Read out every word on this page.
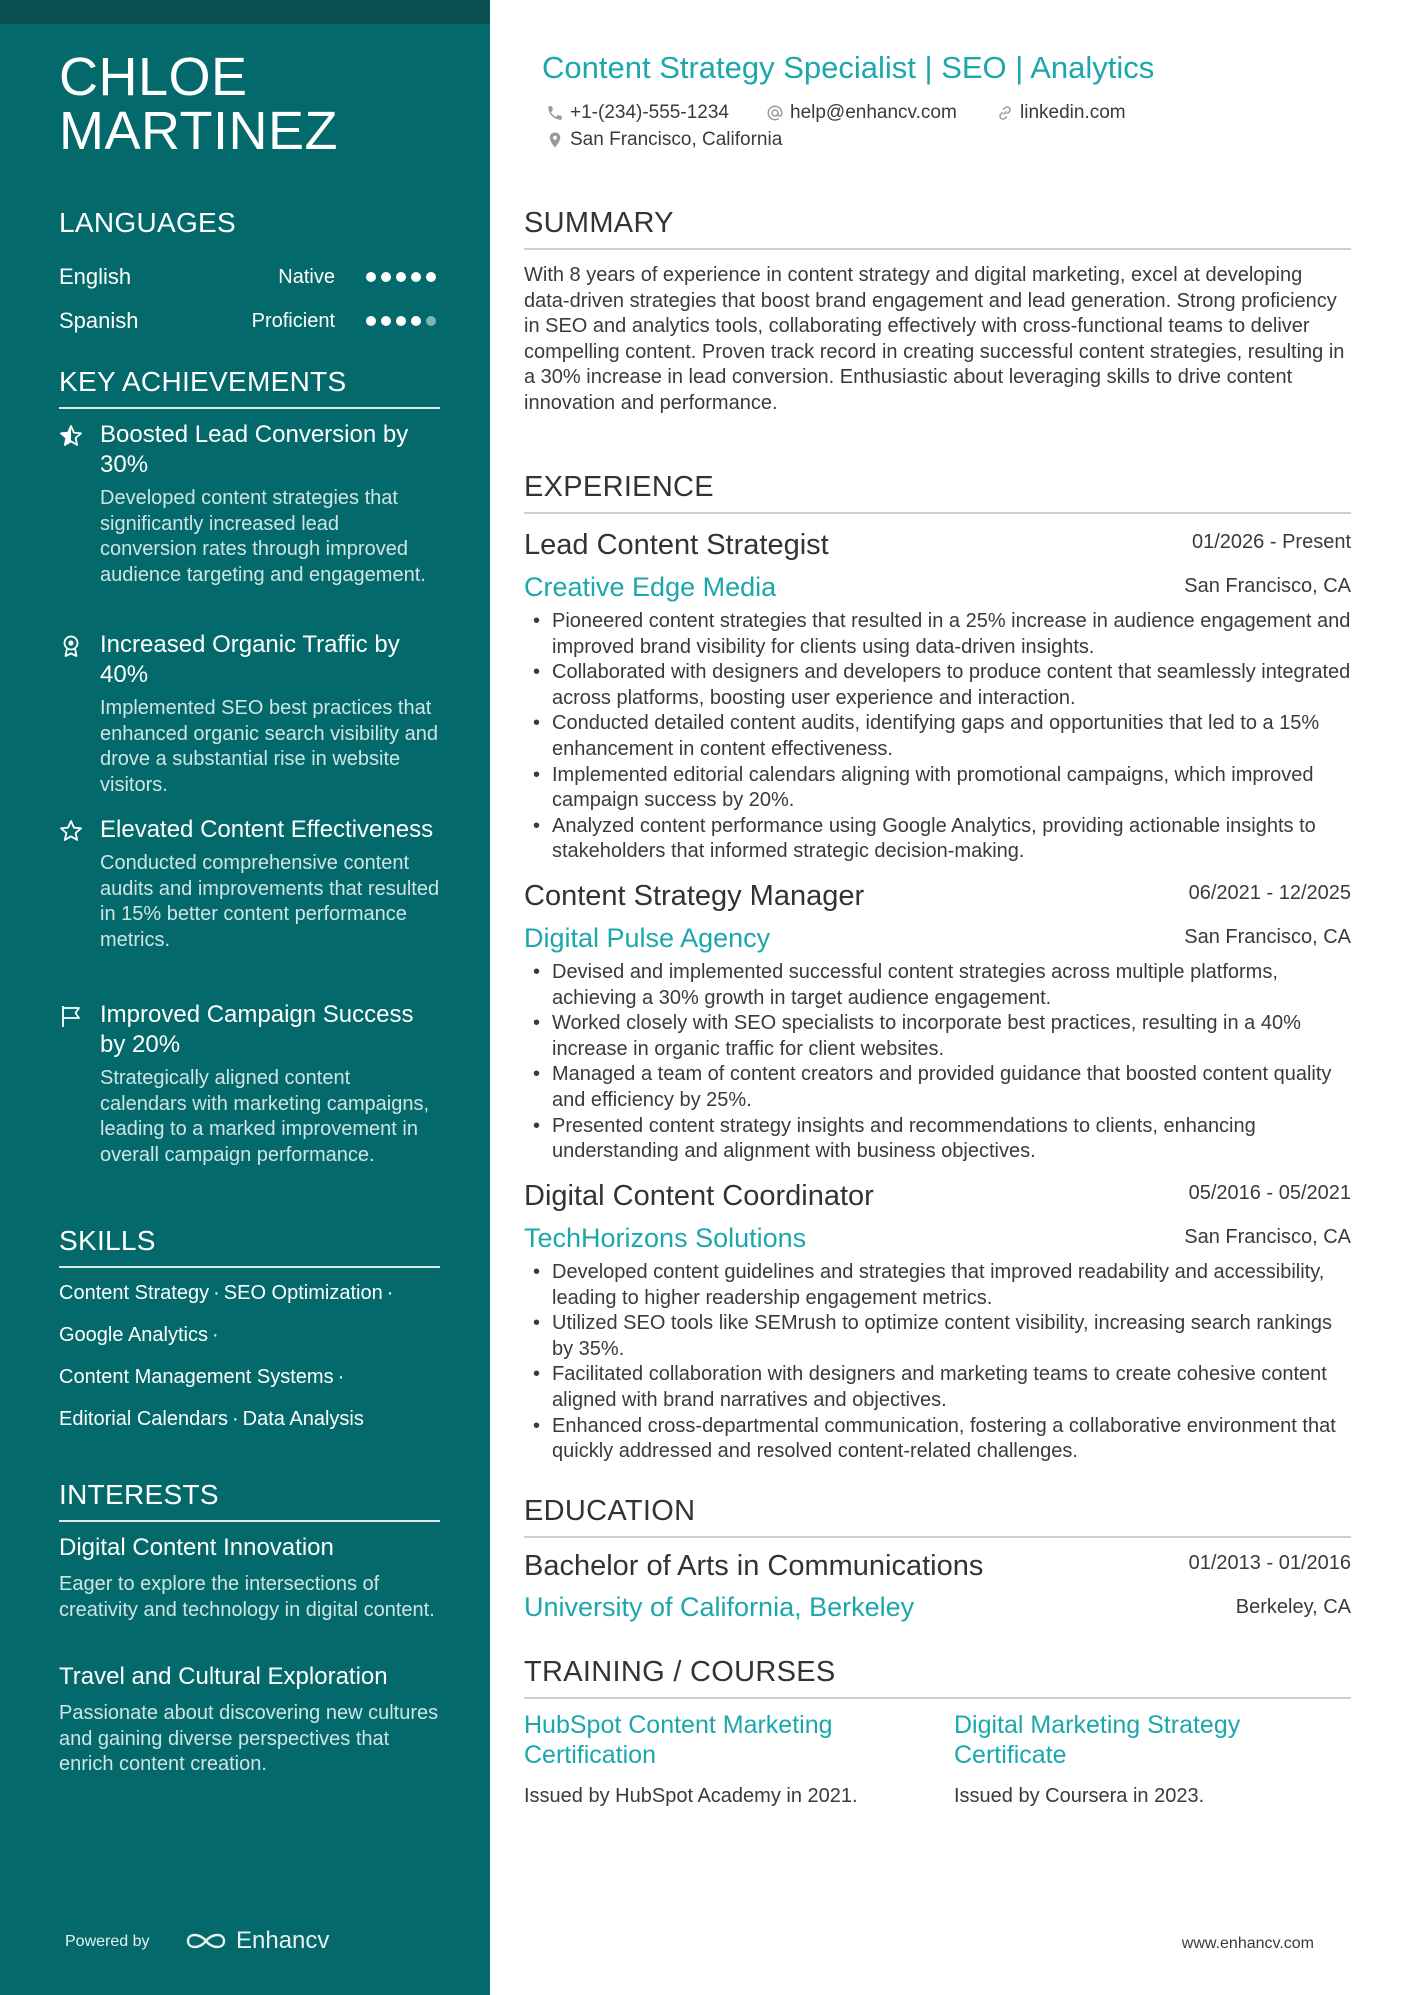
CHLOE
MARTINEZ
LANGUAGES
English	Native
Spanish	Proficient
KEY ACHIEVEMENTS
Boosted Lead Conversion by 30%
Developed content strategies that significantly increased lead conversion rates through improved audience targeting and engagement.
Increased Organic Traffic by 40%
Implemented SEO best practices that enhanced organic search visibility and drove a substantial rise in website visitors.
Elevated Content Effectiveness
Conducted comprehensive content audits and improvements that resulted in 15% better content performance metrics.
Improved Campaign Success by 20%
Strategically aligned content calendars with marketing campaigns, leading to a marked improvement in overall campaign performance.
SKILLS
Content Strategy · SEO Optimization ·
Google Analytics ·
Content Management Systems ·
Editorial Calendars · Data Analysis
INTERESTS
Digital Content Innovation
Eager to explore the intersections of creativity and technology in digital content.
Travel and Cultural Exploration
Passionate about discovering new cultures and gaining diverse perspectives that enrich content creation.
Powered by	Enhancv
Content Strategy Specialist | SEO | Analytics
+1-(234)-555-1234	help@enhancv.com	linkedin.com
San Francisco, California
SUMMARY
With 8 years of experience in content strategy and digital marketing, excel at developing data-driven strategies that boost brand engagement and lead generation. Strong proficiency in SEO and analytics tools, collaborating effectively with cross-functional teams to deliver compelling content. Proven track record in creating successful content strategies, resulting in a 30% increase in lead conversion. Enthusiastic about leveraging skills to drive content innovation and performance.
EXPERIENCE
Lead Content Strategist	01/2026 - Present
Creative Edge Media	San Francisco, CA
• Pioneered content strategies that resulted in a 25% increase in audience engagement and improved brand visibility for clients using data-driven insights.
• Collaborated with designers and developers to produce content that seamlessly integrated across platforms, boosting user experience and interaction.
• Conducted detailed content audits, identifying gaps and opportunities that led to a 15% enhancement in content effectiveness.
• Implemented editorial calendars aligning with promotional campaigns, which improved campaign success by 20%.
• Analyzed content performance using Google Analytics, providing actionable insights to stakeholders that informed strategic decision-making.
Content Strategy Manager	06/2021 - 12/2025
Digital Pulse Agency	San Francisco, CA
• Devised and implemented successful content strategies across multiple platforms, achieving a 30% growth in target audience engagement.
• Worked closely with SEO specialists to incorporate best practices, resulting in a 40% increase in organic traffic for client websites.
• Managed a team of content creators and provided guidance that boosted content quality and efficiency by 25%.
• Presented content strategy insights and recommendations to clients, enhancing understanding and alignment with business objectives.
Digital Content Coordinator	05/2016 - 05/2021
TechHorizons Solutions	San Francisco, CA
• Developed content guidelines and strategies that improved readability and accessibility, leading to higher readership engagement metrics.
• Utilized SEO tools like SEMrush to optimize content visibility, increasing search rankings by 35%.
• Facilitated collaboration with designers and marketing teams to create cohesive content aligned with brand narratives and objectives.
• Enhanced cross-departmental communication, fostering a collaborative environment that quickly addressed and resolved content-related challenges.
EDUCATION
Bachelor of Arts in Communications	01/2013 - 01/2016
University of California, Berkeley	Berkeley, CA
TRAINING / COURSES
HubSpot Content Marketing Certification
Issued by HubSpot Academy in 2021.
Digital Marketing Strategy Certificate
Issued by Coursera in 2023.
www.enhancv.com
